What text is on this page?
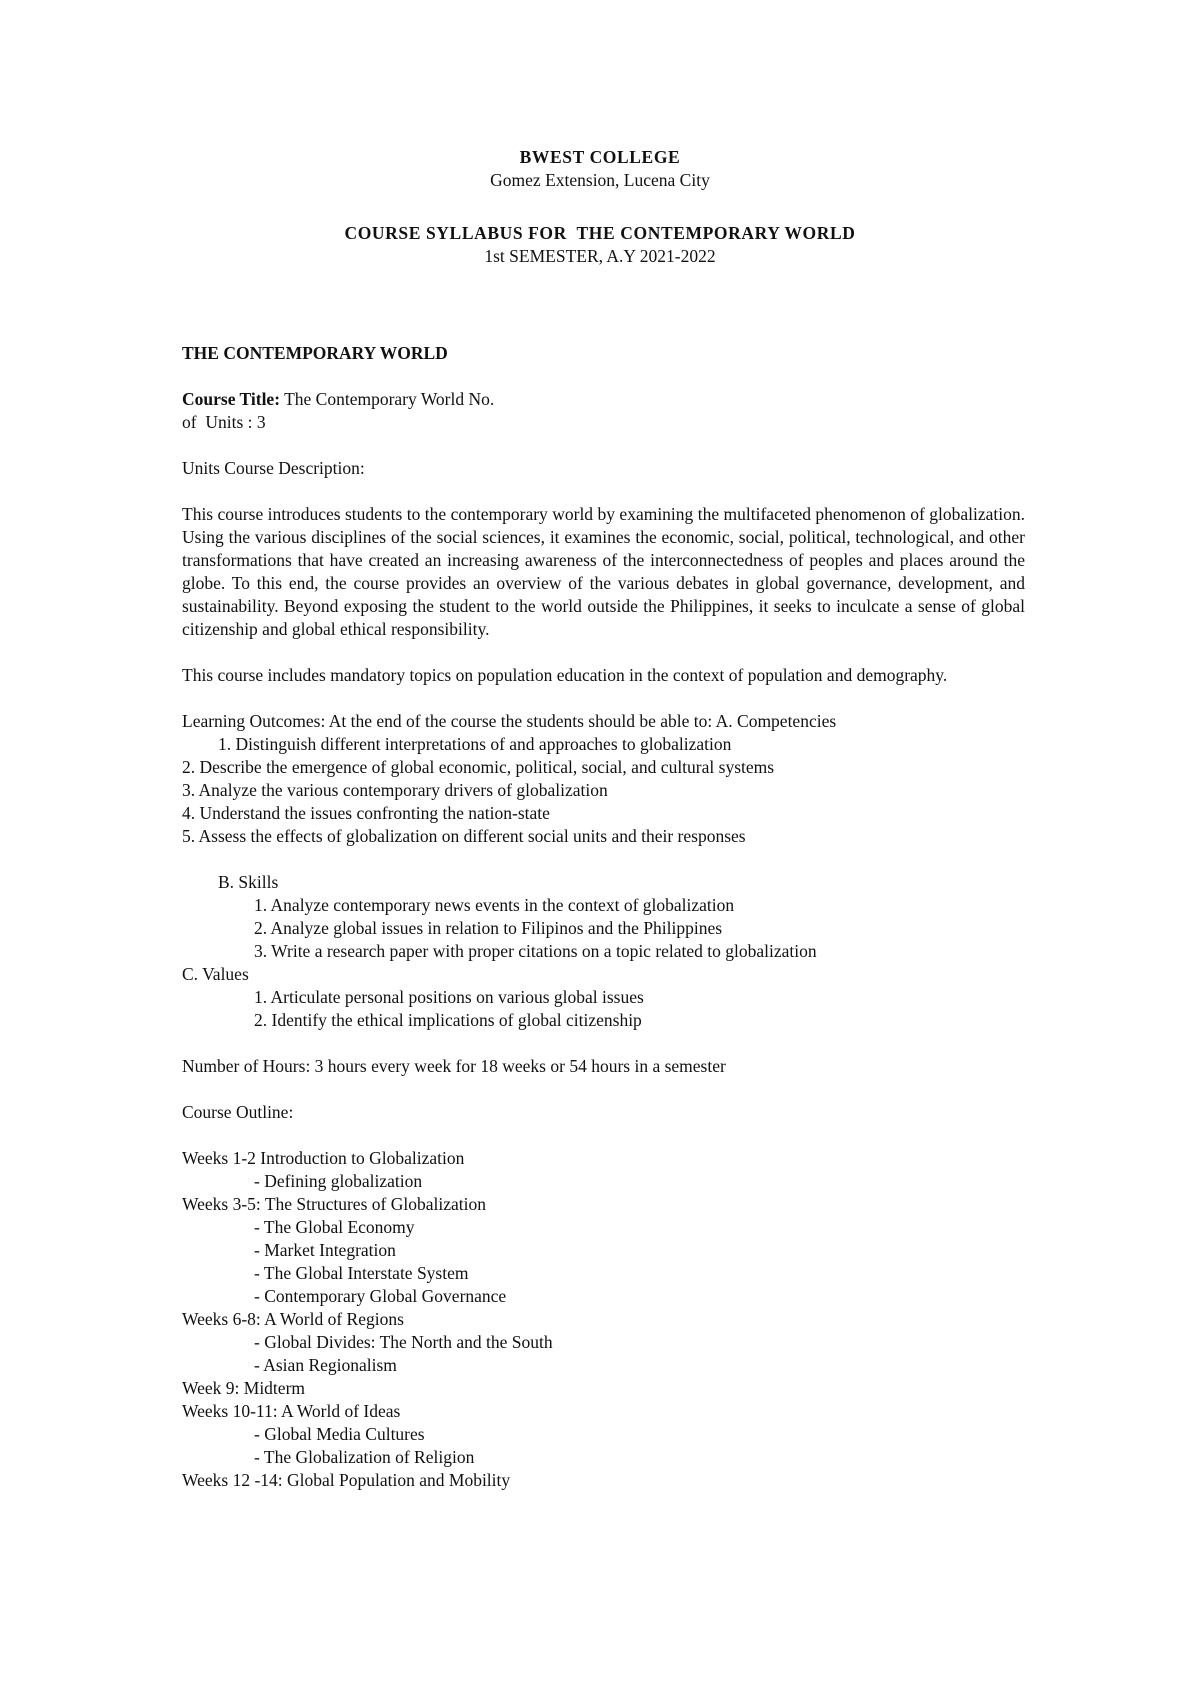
BWEST COLLEGE
Gomez Extension, Lucena City
COURSE SYLLABUS FOR  THE CONTEMPORARY WORLD
1st SEMESTER, A.Y 2021-2022
THE CONTEMPORARY WORLD
Course Title: The Contemporary World No.
of  Units : 3
Units Course Description:

This course introduces students to the contemporary world by examining the multifaceted phenomenon of globalization. Using the various disciplines of the social sciences, it examines the economic, social, political, technological, and other transformations that have created an increasing awareness of the interconnectedness of peoples and places around the globe. To this end, the course provides an overview of the various debates in global governance, development, and sustainability. Beyond exposing the student to the world outside the Philippines, it seeks to inculcate a sense of global citizenship and global ethical responsibility.

This course includes mandatory topics on population education in the context of population and demography.

Learning Outcomes: At the end of the course the students should be able to: A. Competencies
1. Distinguish different interpretations of and approaches to globalization
2. Describe the emergence of global economic, political, social, and cultural systems
3. Analyze the various contemporary drivers of globalization
4. Understand the issues confronting the nation-state
5. Assess the effects of globalization on different social units and their responses
B. Skills
1. Analyze contemporary news events in the context of globalization
2. Analyze global issues in relation to Filipinos and the Philippines
3. Write a research paper with proper citations on a topic related to globalization
C. Values
1. Articulate personal positions on various global issues
2. Identify the ethical implications of global citizenship
Number of Hours: 3 hours every week for 18 weeks or 54 hours in a semester
Course Outline:
Weeks 1-2 Introduction to Globalization
- Defining globalization
Weeks 3-5: The Structures of Globalization
- The Global Economy
- Market Integration
- The Global Interstate System
- Contemporary Global Governance
Weeks 6-8: A World of Regions
- Global Divides: The North and the South
- Asian Regionalism
Week 9: Midterm
Weeks 10-11: A World of Ideas
- Global Media Cultures
- The Globalization of Religion
Weeks 12 -14: Global Population and Mobility
